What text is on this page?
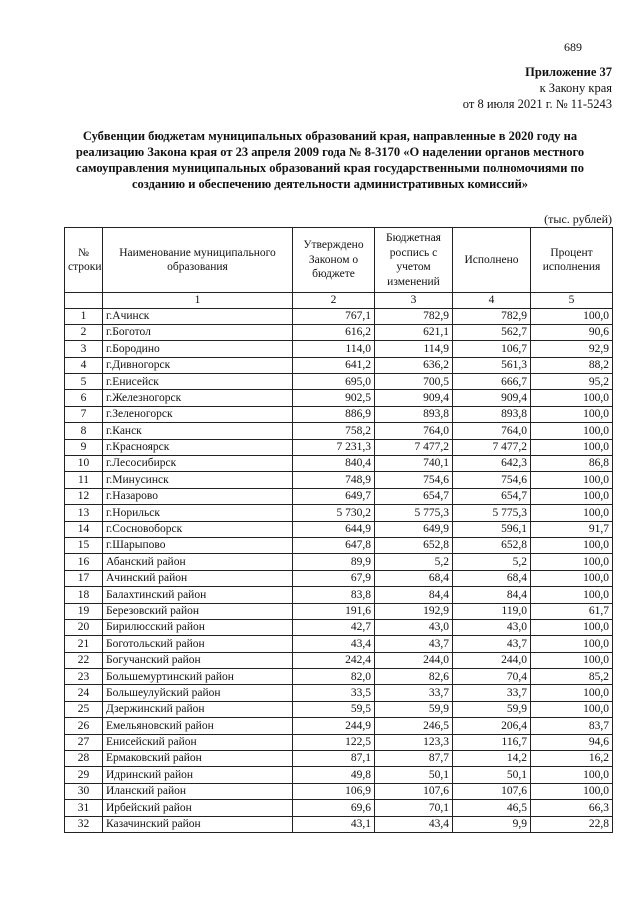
689
Приложение 37
к Закону края
от 8 июля 2021 г. № 11-5243
Субвенции бюджетам муниципальных образований края, направленные в 2020 году на реализацию Закона края от 23 апреля 2009 года № 8-3170 «О наделении органов местного самоуправления муниципальных образований края государственными полномочиями по созданию и обеспечению деятельности административных комиссий»
(тыс. рублей)
№ строки	Наименование муниципального образования	Утверждено Законом о бюджете	Бюджетная роспись с учетом изменений	Исполнено	Процент исполнения
	1	2	3	4	5
1	г.Ачинск	767,1	782,9	782,9	100,0
2	г.Боготол	616,2	621,1	562,7	90,6
3	г.Бородино	114,0	114,9	106,7	92,9
4	г.Дивногорск	641,2	636,2	561,3	88,2
5	г.Енисейск	695,0	700,5	666,7	95,2
6	г.Железногорск	902,5	909,4	909,4	100,0
7	г.Зеленогорск	886,9	893,8	893,8	100,0
8	г.Канск	758,2	764,0	764,0	100,0
9	г.Красноярск	7 231,3	7 477,2	7 477,2	100,0
10	г.Лесосибирск	840,4	740,1	642,3	86,8
11	г.Минусинск	748,9	754,6	754,6	100,0
12	г.Назарово	649,7	654,7	654,7	100,0
13	г.Норильск	5 730,2	5 775,3	5 775,3	100,0
14	г.Сосновоборск	644,9	649,9	596,1	91,7
15	г.Шарыпово	647,8	652,8	652,8	100,0
16	Абанский район	89,9	5,2	5,2	100,0
17	Ачинский район	67,9	68,4	68,4	100,0
18	Балахтинский район	83,8	84,4	84,4	100,0
19	Березовский район	191,6	192,9	119,0	61,7
20	Бирилюсский район	42,7	43,0	43,0	100,0
21	Боготольский район	43,4	43,7	43,7	100,0
22	Богучанский район	242,4	244,0	244,0	100,0
23	Большемуртинский район	82,0	82,6	70,4	85,2
24	Большеулуйский район	33,5	33,7	33,7	100,0
25	Дзержинский район	59,5	59,9	59,9	100,0
26	Емельяновский район	244,9	246,5	206,4	83,7
27	Енисейский район	122,5	123,3	116,7	94,6
28	Ермаковский район	87,1	87,7	14,2	16,2
29	Идринский район	49,8	50,1	50,1	100,0
30	Иланский район	106,9	107,6	107,6	100,0
31	Ирбейский район	69,6	70,1	46,5	66,3
32	Казачинский район	43,1	43,4	9,9	22,8
